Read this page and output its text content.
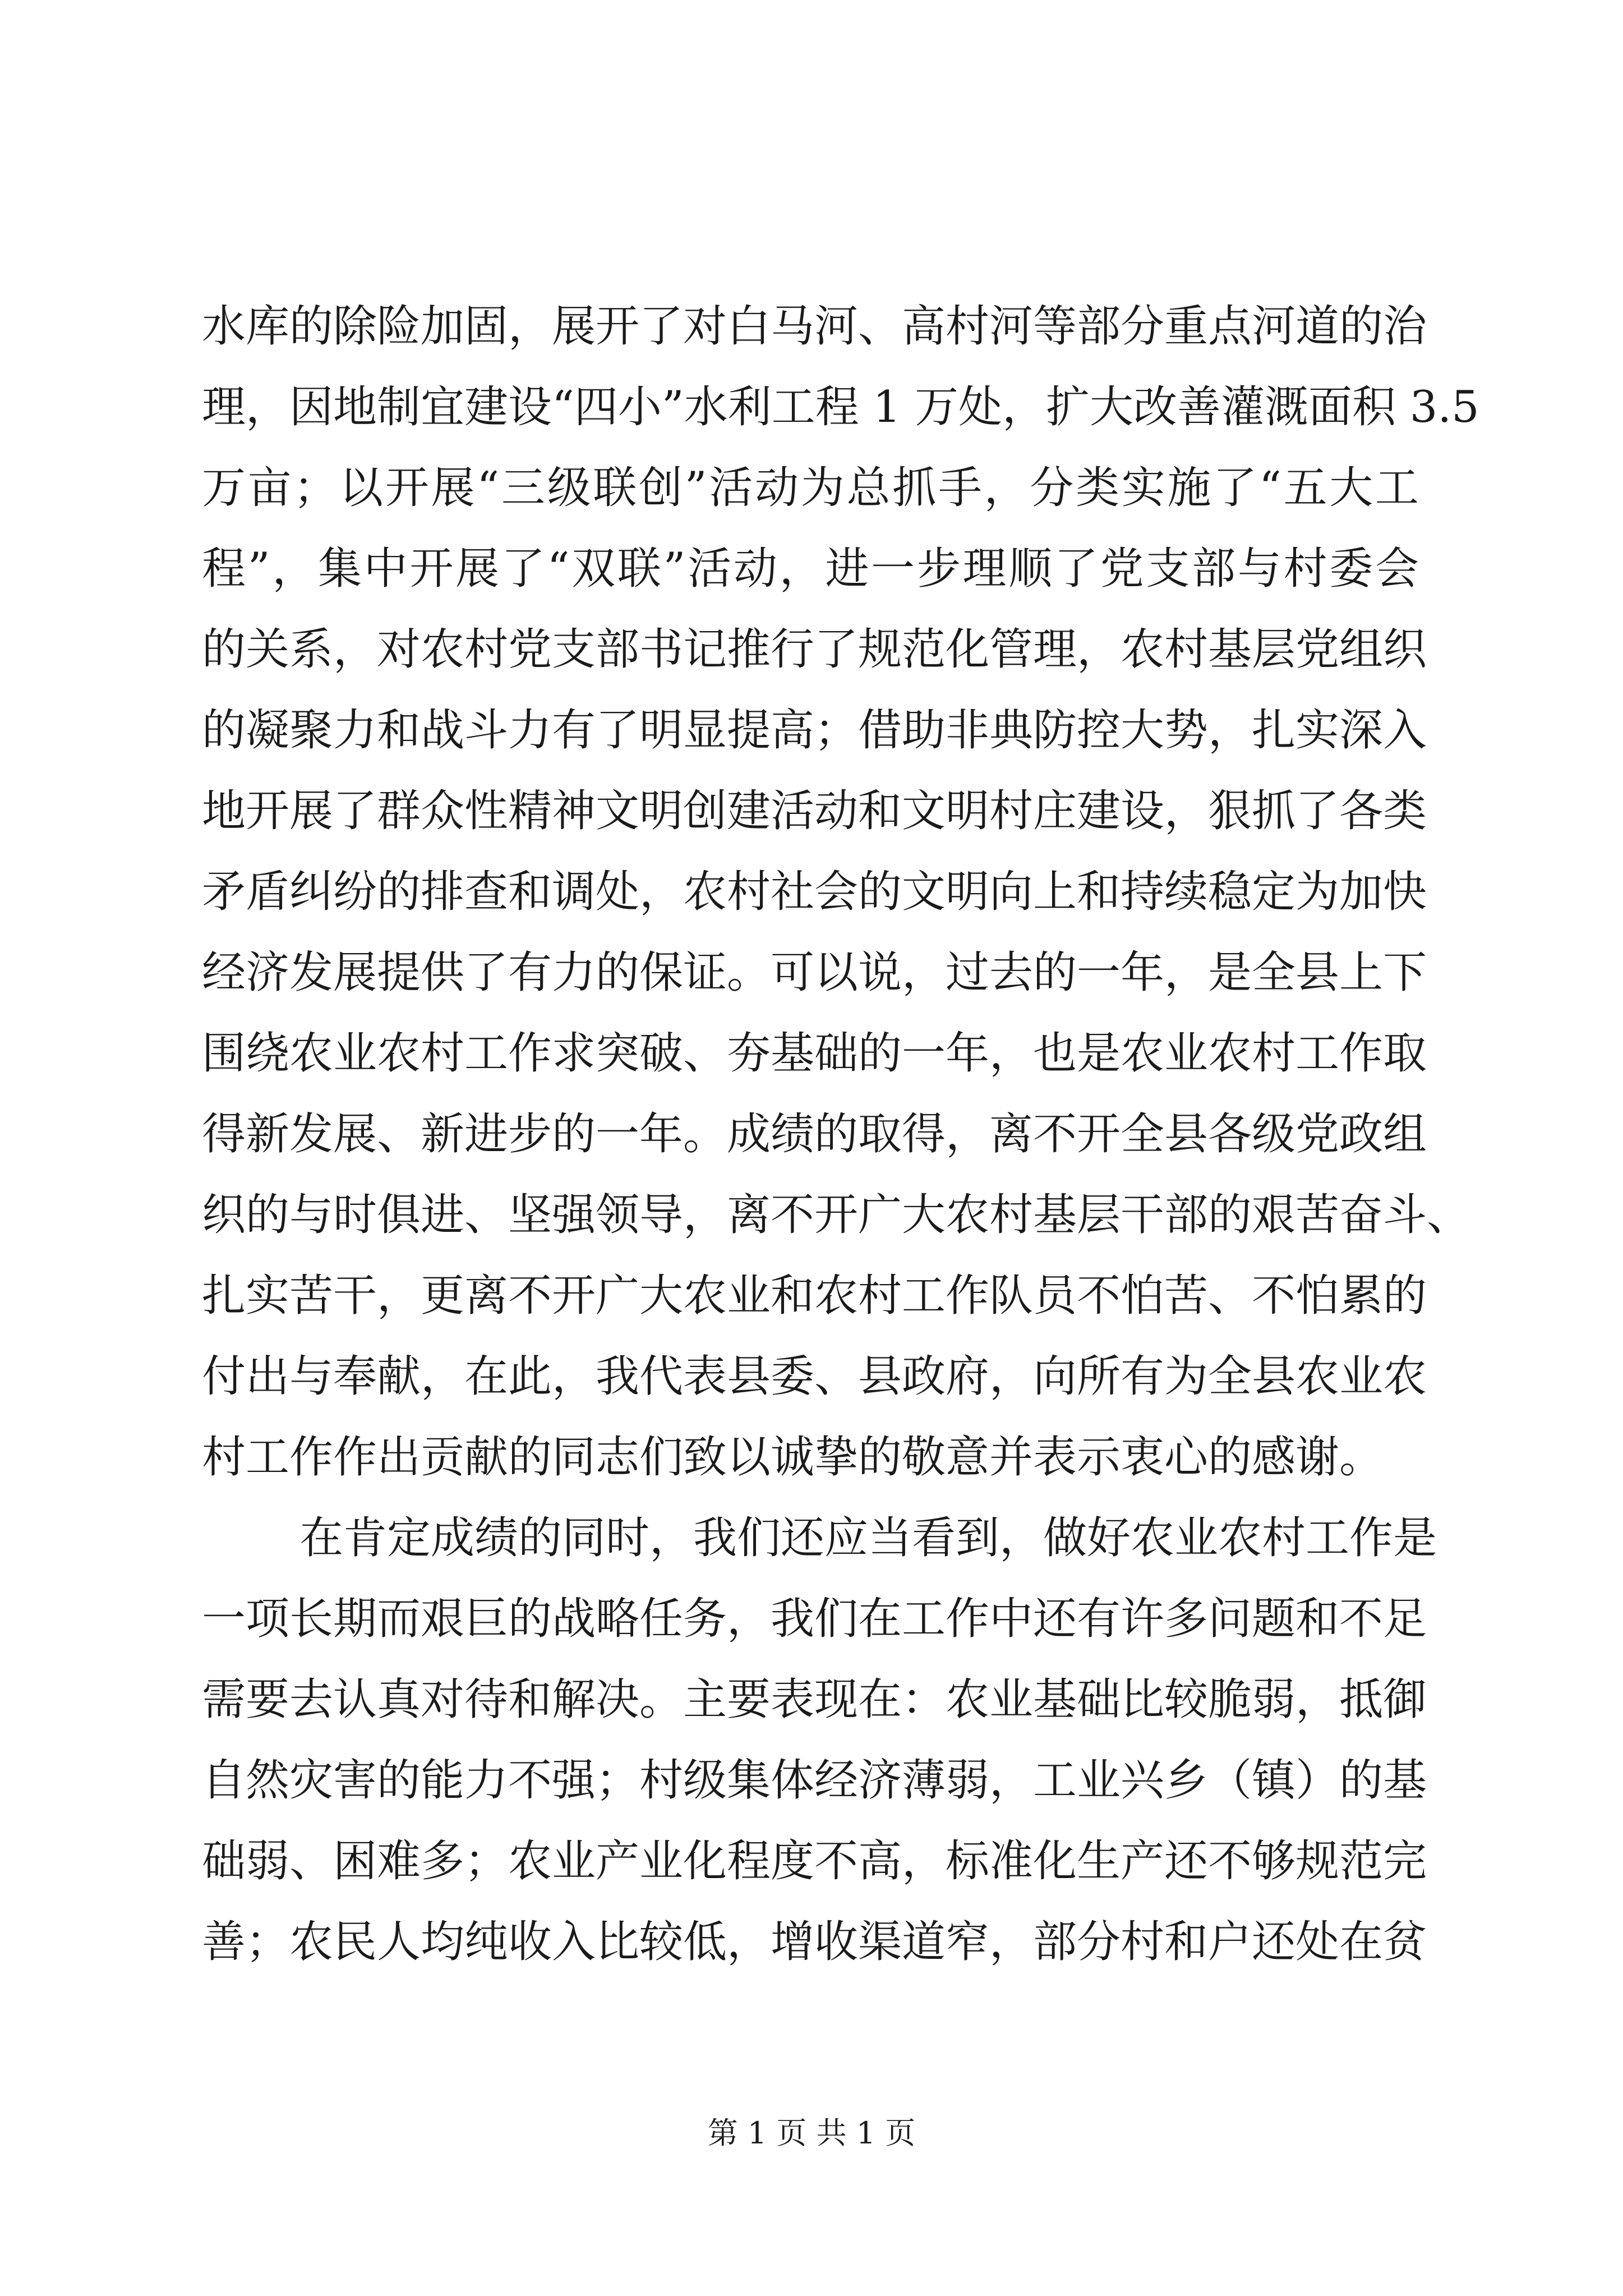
水库的除险加固，展开了对白马河、高村河等部分重点河道的治
理，因地制宜建设“四小”水利工程 1 万处，扩大改善灌溉面积 3.5
万亩；以开展“三级联创”活动为总抓手，分类实施了“五大工
程”，集中开展了“双联”活动，进一步理顺了党支部与村委会
的关系，对农村党支部书记推行了规范化管理，农村基层党组织
的凝聚力和战斗力有了明显提高；借助非典防控大势，扎实深入
地开展了群众性精神文明创建活动和文明村庄建设，狠抓了各类
矛盾纠纷的排查和调处，农村社会的文明向上和持续稳定为加快
经济发展提供了有力的保证。可以说，过去的一年，是全县上下
围绕农业农村工作求突破、夯基础的一年，也是农业农村工作取
得新发展、新进步的一年。成绩的取得，离不开全县各级党政组
织的与时俱进、坚强领导，离不开广大农村基层干部的艰苦奋斗、
扎实苦干，更离不开广大农业和农村工作队员不怕苦、不怕累的
付出与奉献，在此，我代表县委、县政府，向所有为全县农业农
村工作作出贡献的同志们致以诚挚的敬意并表示衷心的感谢。
在肯定成绩的同时，我们还应当看到，做好农业农村工作是
一项长期而艰巨的战略任务，我们在工作中还有许多问题和不足
需要去认真对待和解决。主要表现在：农业基础比较脆弱，抵御
自然灾害的能力不强；村级集体经济薄弱，工业兴乡（镇）的基
础弱、困难多；农业产业化程度不高，标准化生产还不够规范完
善；农民人均纯收入比较低，增收渠道窄，部分村和户还处在贫
第 1 页 共 1 页
